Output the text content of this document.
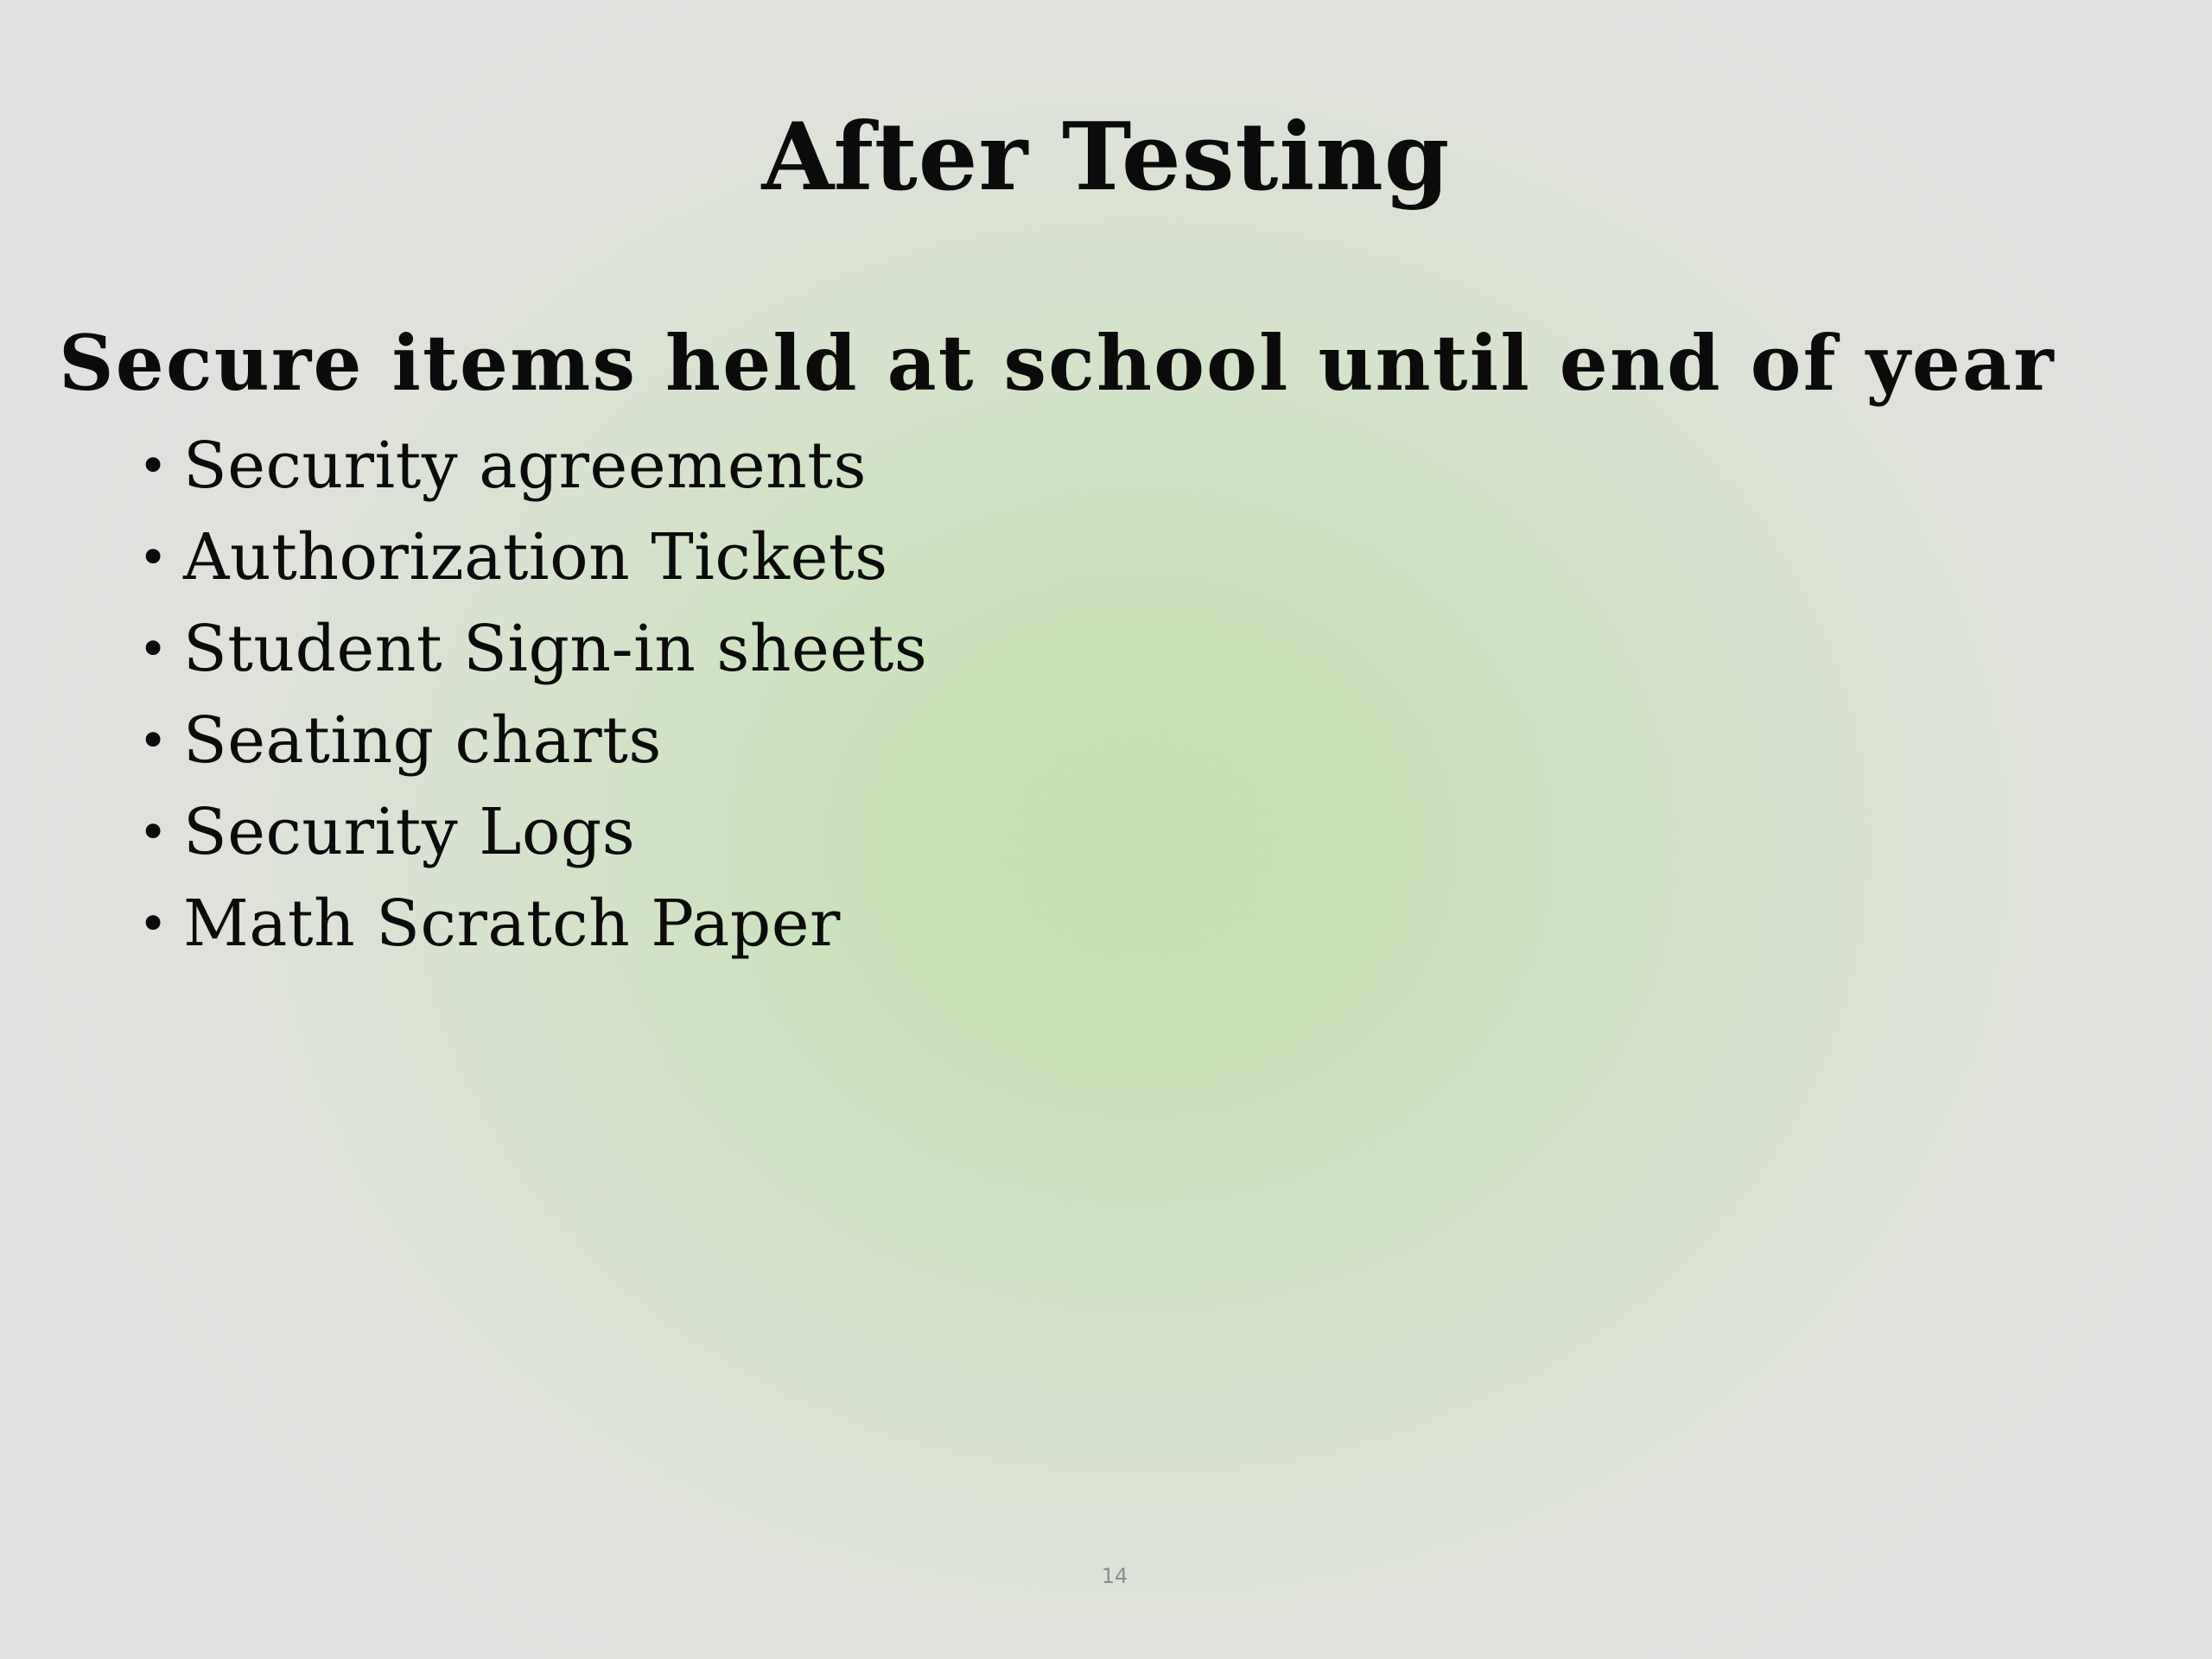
After Testing
Secure items held at school until end of year
• Security agreements
• Authorization Tickets
• Student Sign-in sheets
• Seating charts
• Security Logs
• Math Scratch Paper
14
